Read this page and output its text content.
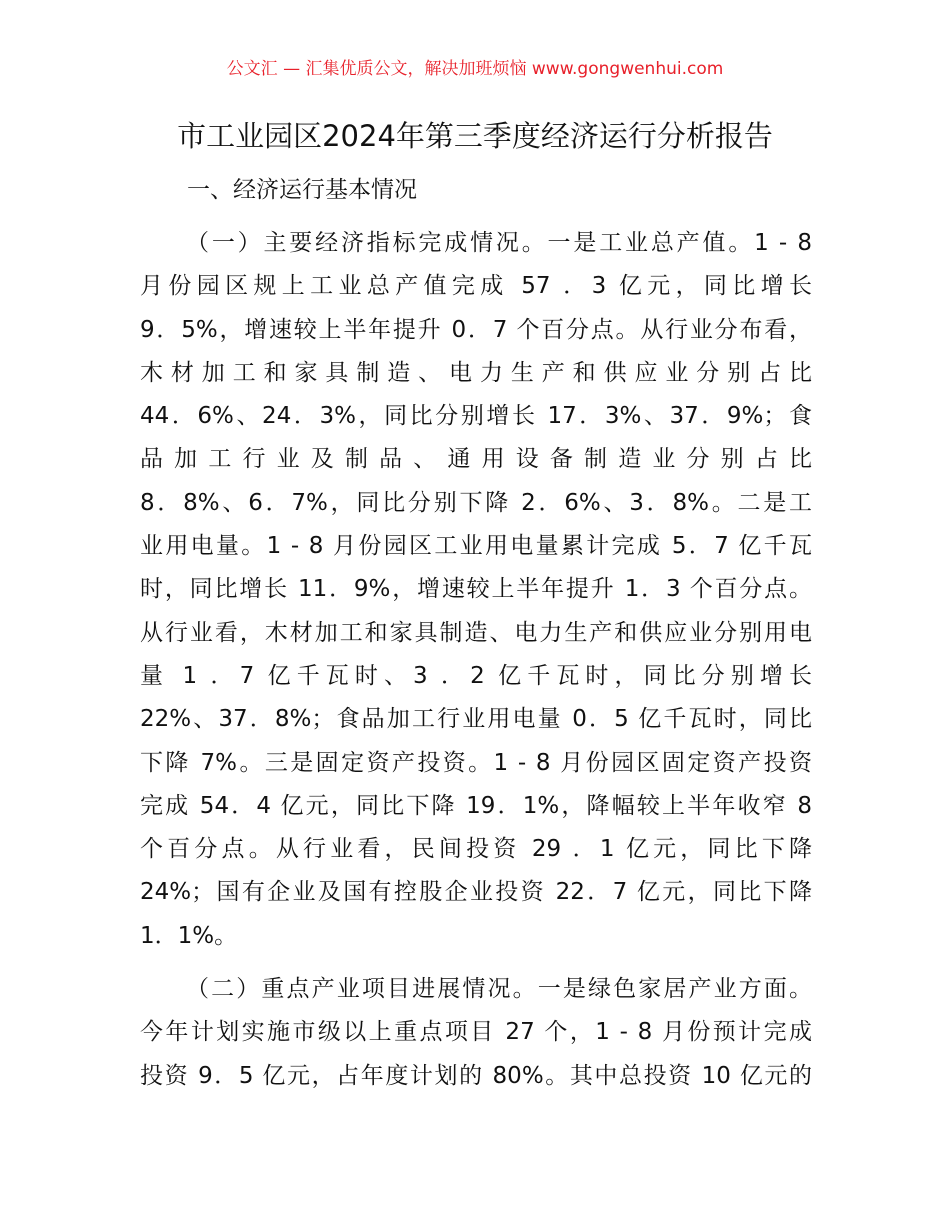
公文汇 — 汇集优质公文，解决加班烦恼 www.gongwenhui.com
市工业园区2024年第三季度经济运行分析报告
一、经济运行基本情况
（一）主要经济指标完成情况。一是工业总产值。1 - 8
月份园区规上工业总产值完成 57 ．3 亿元，同比增长
9．5%，增速较上半年提升 0．7 个百分点。从行业分布看，
木材加工和家具制造、电力生产和供应业分别占比
44．6%、24．3%，同比分别增长 17．3%、37．9%；食
品加工行业及制品、通用设备制造业分别占比
8．8%、6．7%，同比分别下降 2．6%、3．8%。二是工
业用电量。1 - 8 月份园区工业用电量累计完成 5．7 亿千瓦
时，同比增长 11．9%，增速较上半年提升 1．3 个百分点。
从行业看，木材加工和家具制造、电力生产和供应业分别用电
量 1 ．7 亿千瓦时、3 ．2 亿千瓦时，同比分别增长
22%、37．8%；食品加工行业用电量 0．5 亿千瓦时，同比
下降 7%。三是固定资产投资。1 - 8 月份园区固定资产投资
完成 54．4 亿元，同比下降 19．1%，降幅较上半年收窄 8
个百分点。从行业看，民间投资 29 ．1 亿元，同比下降
24%；国有企业及国有控股企业投资 22．7 亿元，同比下降
1．1%。
（二）重点产业项目进展情况。一是绿色家居产业方面。
今年计划实施市级以上重点项目 27 个，1 - 8 月份预计完成
投资 9．5 亿元，占年度计划的 80%。其中总投资 10 亿元的
